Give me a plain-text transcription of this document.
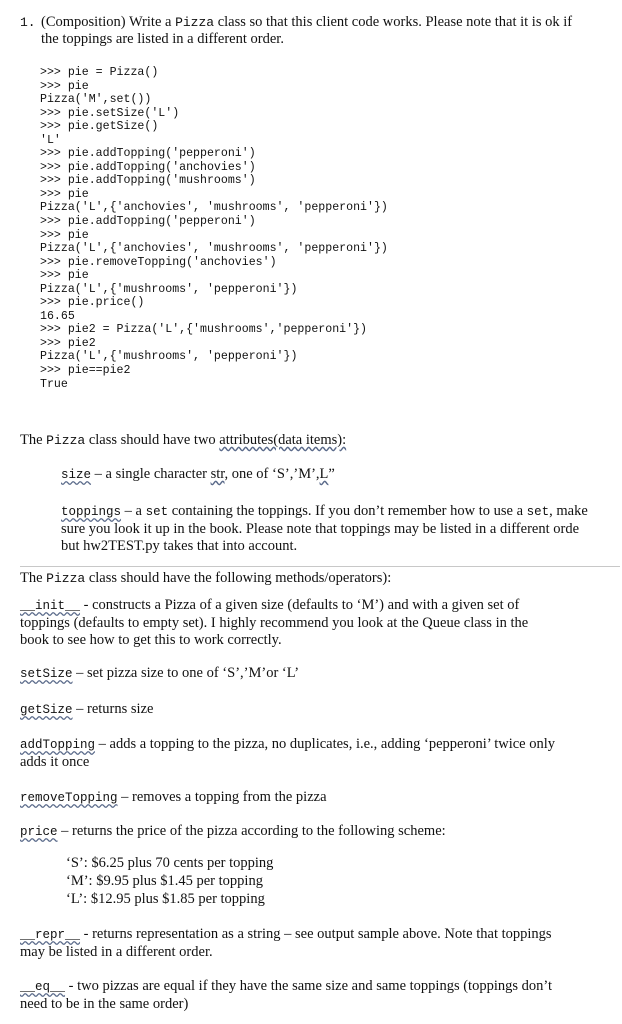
1. (Composition) Write a Pizza class so that this client code works. Please note that it is ok if
the toppings are listed in a different order.
>>> pie = Pizza()
>>> pie
Pizza('M',set())
>>> pie.setSize('L')
>>> pie.getSize()
'L'
>>> pie.addTopping('pepperoni')
>>> pie.addTopping('anchovies')
>>> pie.addTopping('mushrooms')
>>> pie
Pizza('L',{'anchovies', 'mushrooms', 'pepperoni'})
>>> pie.addTopping('pepperoni')
>>> pie
Pizza('L',{'anchovies', 'mushrooms', 'pepperoni'})
>>> pie.removeTopping('anchovies')
>>> pie
Pizza('L',{'mushrooms', 'pepperoni'})
>>> pie.price()
16.65
>>> pie2 = Pizza('L',{'mushrooms','pepperoni'})
>>> pie2
Pizza('L',{'mushrooms', 'pepperoni'})
>>> pie==pie2
True
The Pizza class should have two attributes(data items):
size – a single character str, one of ‘S’,’M’,L”
toppings – a set containing the toppings. If you don’t remember how to use a set, make
sure you look it up in the book. Please note that toppings may be listed in a different orde
but hw2TEST.py takes that into account.
The Pizza class should have the following methods/operators):
__init__ - constructs a Pizza of a given size (defaults to ‘M’) and with a given set of
toppings (defaults to empty set). I highly recommend you look at the Queue class in the
book to see how to get this to work correctly.
setSize – set pizza size to one of ‘S’,’M’or ‘L’
getSize – returns size
addTopping – adds a topping to the pizza, no duplicates, i.e., adding ‘pepperoni’ twice only
adds it once
removeTopping – removes a topping from the pizza
price – returns the price of the pizza according to the following scheme:
‘S’: $6.25 plus 70 cents per topping
‘M’: $9.95 plus $1.45 per topping
‘L’: $12.95 plus $1.85 per topping
__repr__ - returns representation as a string – see output sample above. Note that toppings
may be listed in a different order.
__eq__ - two pizzas are equal if they have the same size and same toppings (toppings don’t
need to be in the same order)
